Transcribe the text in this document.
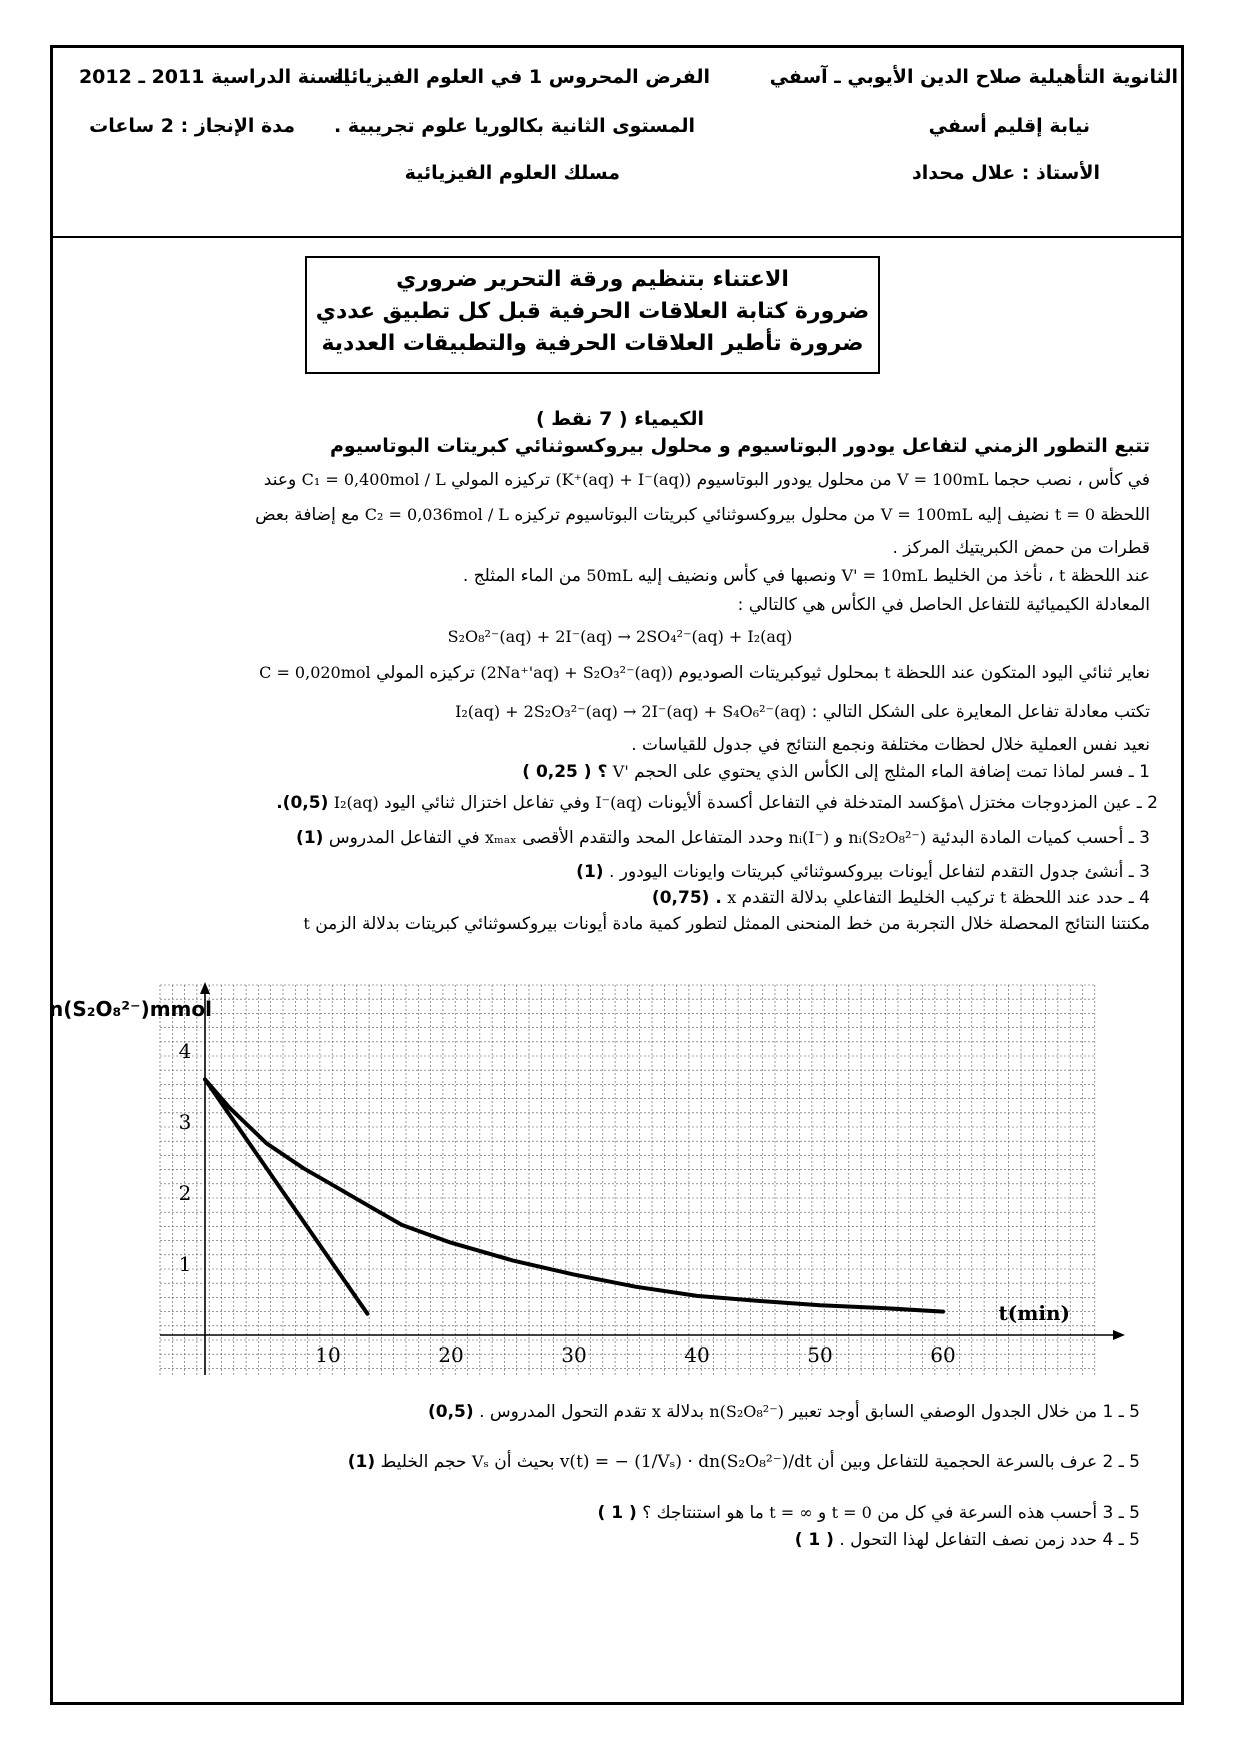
الثانوية التأهيلية صلاح الدين الأيوبي ـ آسفي
الفرض المحروس 1 في العلوم الفيزيائية
السنة الدراسية 2011 ـ 2012
نيابة إقليم أسفي
المستوى الثانية بكالوريا علوم تجريبية .
مدة الإنجاز : 2 ساعات
الأستاذ : علال محداد
مسلك العلوم الفيزيائية
الاعتناء بتنظيم ورقة التحرير ضروري
ضرورة كتابة العلاقات الحرفية قبل كل تطبيق عددي
ضرورة تأطير العلاقات الحرفية والتطبيقات العددية
الكيمياء ( 7 نقط )
تتبع التطور الزمني لتفاعل يودور البوتاسيوم و محلول بيروكسوثنائي كبريتات البوتاسيوم
في كأس ، نصب حجما V = 100mL من محلول يودور البوتاسيوم (K⁺(aq) + I⁻(aq)) تركيزه المولي C₁ = 0,400mol / L وعند
اللحظة t = 0 نضيف إليه V = 100mL من محلول بيروكسوثنائي كبريتات البوتاسيوم تركيزه C₂ = 0,036mol / L مع إضافة بعض
قطرات من حمض الكبريتيك المركز .
عند اللحظة t ، نأخذ من الخليط V' = 10mL ونصبها في كأس ونضيف إليه 50mL من الماء المثلج .
المعادلة الكيميائية للتفاعل الحاصل في الكأس هي كالتالي :
S₂O₈²⁻(aq) + 2I⁻(aq) → 2SO₄²⁻(aq) + I₂(aq)
نعاير ثنائي اليود المتكون عند اللحظة t بمحلول ثيوكبريتات الصوديوم (2Na⁺'aq) + S₂O₃²⁻(aq)) تركيزه المولي C = 0,020mol
تكتب معادلة تفاعل المعايرة على الشكل التالي : I₂(aq) + 2S₂O₃²⁻(aq) → 2I⁻(aq) + S₄O₆²⁻(aq)
نعيد نفس العملية خلال لحظات مختلفة ونجمع النتائج في جدول للقياسات .
1 ـ فسر لماذا تمت إضافة الماء المثلج إلى الكأس الذي يحتوي على الحجم V' ؟ ( 0,25 )
2 ـ عين المزدوجات مختزل \مؤكسد المتدخلة في التفاعل أكسدة ألأيونات I⁻(aq) وفي تفاعل اختزال ثنائي اليود I₂(aq) (0,5).
3 ـ أحسب كميات المادة البدئية nᵢ(S₂O₈²⁻) و nᵢ(I⁻) وحدد المتفاعل المحد والتقدم الأقصى xₘₐₓ في التفاعل المدروس (1)
3 ـ أنشئ جدول التقدم لتفاعل أيونات بيروكسوثنائي كبريتات وايونات اليودور . (1)
4 ـ حدد عند اللحظة t تركيب الخليط التفاعلي بدلالة التقدم x . (0,75)
مكنتنا النتائج المحصلة خلال التجربة من خط المنحنى الممثل لتطور كمية مادة أيونات بيروكسوثنائي كبريتات بدلالة الزمن t
10	20	30	40	50	60
1
2
3
4
n(S₂O₈²⁻)mmol
t(min)
5 ـ 1 من خلال الجدول الوصفي السابق أوجد تعبير n(S₂O₈²⁻) بدلالة x تقدم التحول المدروس . (0,5)
5 ـ 2 عرف بالسرعة الحجمية للتفاعل وبين أن v(t) = − (1/Vₛ) · dn(S₂O₈²⁻)/dt بحيث أن Vₛ حجم الخليط (1)
5 ـ 3 أحسب هذه السرعة في كل من t = 0 و t = ∞ ما هو استنتاجك ؟ ( 1 )
5 ـ 4 حدد زمن نصف التفاعل لهذا التحول . ( 1 )
